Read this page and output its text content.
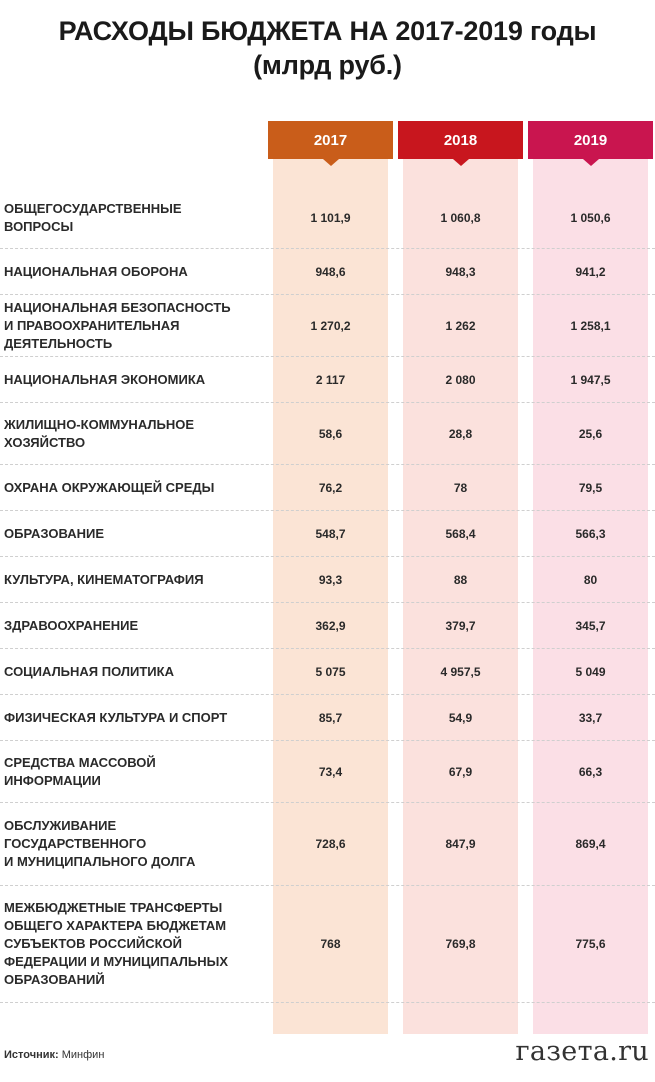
РАСХОДЫ БЮДЖЕТА НА 2017-2019 годы
(млрд руб.)
2017	2018	2019
ОБЩЕГОСУДАРСТВЕННЫЕ
ВОПРОСЫ
1 101,9	1 060,8	1 050,6
НАЦИОНАЛЬНАЯ ОБОРОНА	948,6	948,3	941,2
НАЦИОНАЛЬНАЯ БЕЗОПАСНОСТЬ
И ПРАВООХРАНИТЕЛЬНАЯ
ДЕЯТЕЛЬНОСТЬ
1 270,2	1 262	1 258,1
НАЦИОНАЛЬНАЯ ЭКОНОМИКА	2 117	2 080	1 947,5
ЖИЛИЩНО-КОММУНАЛЬНОЕ
ХОЗЯЙСТВО
58,6	28,8	25,6
ОХРАНА ОКРУЖАЮЩЕЙ СРЕДЫ	76,2	78	79,5
ОБРАЗОВАНИЕ	548,7	568,4	566,3
КУЛЬТУРА, КИНЕМАТОГРАФИЯ	93,3	88	80
ЗДРАВООХРАНЕНИЕ	362,9	379,7	345,7
СОЦИАЛЬНАЯ ПОЛИТИКА	5 075	4 957,5	5 049
ФИЗИЧЕСКАЯ КУЛЬТУРА И СПОРТ	85,7	54,9	33,7
СРЕДСТВА МАССОВОЙ
ИНФОРМАЦИИ
73,4	67,9	66,3
ОБСЛУЖИВАНИЕ
ГОСУДАРСТВЕННОГО
И МУНИЦИПАЛЬНОГО ДОЛГА
728,6	847,9	869,4
МЕЖБЮДЖЕТНЫЕ ТРАНСФЕРТЫ
ОБЩЕГО ХАРАКТЕРА БЮДЖЕТАМ
СУБЪЕКТОВ РОССИЙСКОЙ
ФЕДЕРАЦИИ И МУНИЦИПАЛЬНЫХ
ОБРАЗОВАНИЙ
768	769,8	775,6
Источник: Минфин	газета.ru
